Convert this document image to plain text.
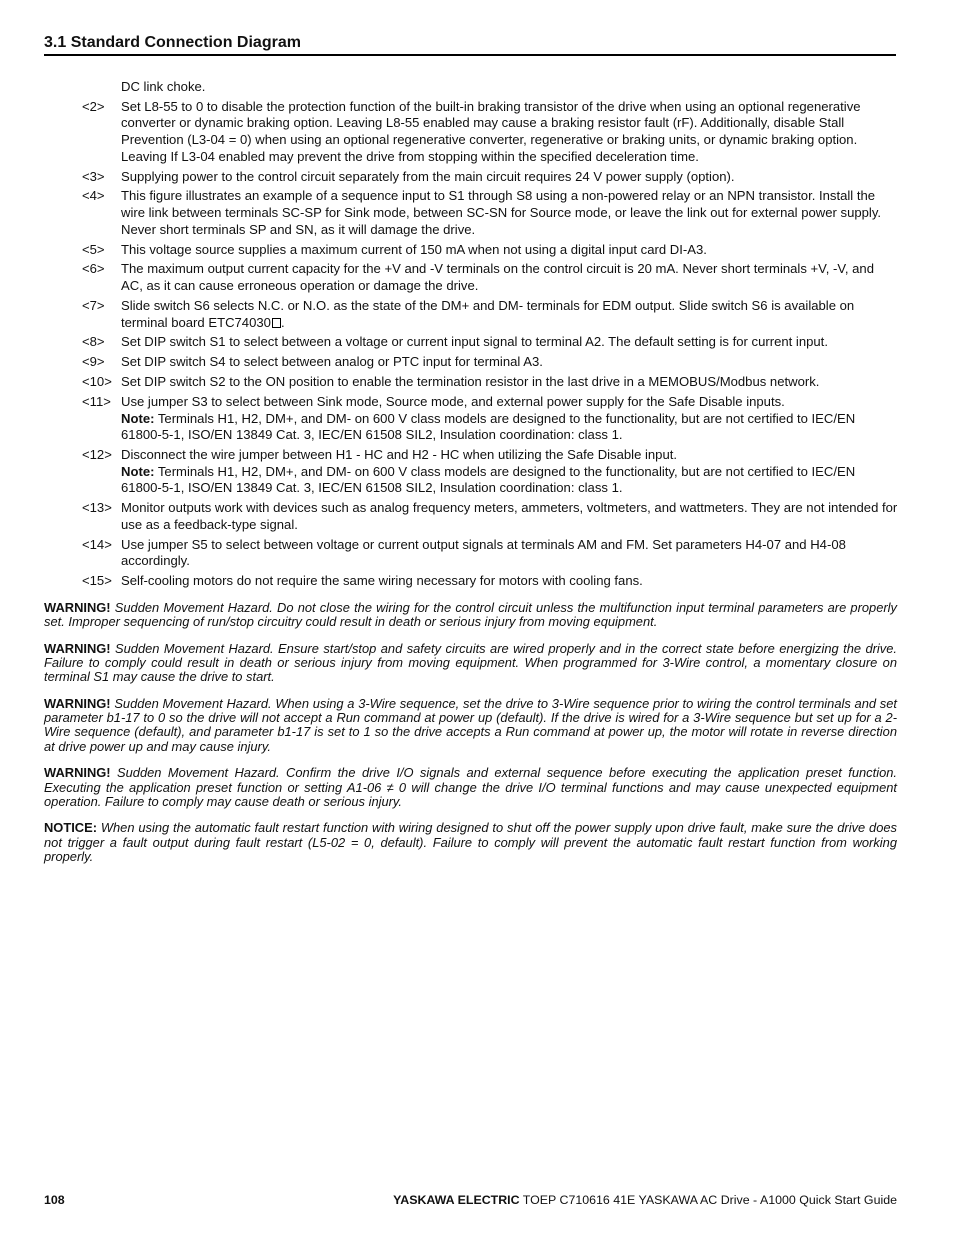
3.1 Standard Connection Diagram
DC link choke.
<2>	Set L8-55 to 0 to disable the protection function of the built-in braking transistor of the drive when using an optional regenerative converter or dynamic braking option. Leaving L8-55 enabled may cause a braking resistor fault (rF). Additionally, disable Stall Prevention (L3-04 = 0) when using an optional regenerative converter, regenerative or braking units, or dynamic braking option. Leaving If L3-04 enabled may prevent the drive from stopping within the specified deceleration time.
<3>	Supplying power to the control circuit separately from the main circuit requires 24 V power supply (option).
<4>	This figure illustrates an example of a sequence input to S1 through S8 using a non-powered relay or an NPN transistor. Install the wire link between terminals SC-SP for Sink mode, between SC-SN for Source mode, or leave the link out for external power supply. Never short terminals SP and SN, as it will damage the drive.
<5>	This voltage source supplies a maximum current of 150 mA when not using a digital input card DI-A3.
<6>	The maximum output current capacity for the +V and -V terminals on the control circuit is 20 mA. Never short terminals +V, -V, and AC, as it can cause erroneous operation or damage the drive.
<7>	Slide switch S6 selects N.C. or N.O. as the state of the DM+ and DM- terminals for EDM output. Slide switch S6 is available on terminal board ETC74030 .
<8>	Set DIP switch S1 to select between a voltage or current input signal to terminal A2. The default setting is for current input.
<9>	Set DIP switch S4 to select between analog or PTC input for terminal A3.
<10> Set DIP switch S2 to the ON position to enable the termination resistor in the last drive in a MEMOBUS/Modbus network.
<11> Use jumper S3 to select between Sink mode, Source mode, and external power supply for the Safe Disable inputs.
Note: Terminals H1, H2, DM+, and DM- on 600 V class models are designed to the functionality, but are not certified to IEC/EN 61800-5-1, ISO/EN 13849 Cat. 3, IEC/EN 61508 SIL2, Insulation coordination: class 1.
<12> Disconnect the wire jumper between H1 - HC and H2 - HC when utilizing the Safe Disable input.
Note: Terminals H1, H2, DM+, and DM- on 600 V class models are designed to the functionality, but are not certified to IEC/EN 61800-5-1, ISO/EN 13849 Cat. 3, IEC/EN 61508 SIL2, Insulation coordination: class 1.
<13> Monitor outputs work with devices such as analog frequency meters, ammeters, voltmeters, and wattmeters. They are not intended for use as a feedback-type signal.
<14> Use jumper S5 to select between voltage or current output signals at terminals AM and FM. Set parameters H4-07 and H4-08 accordingly.
<15> Self-cooling motors do not require the same wiring necessary for motors with cooling fans.
WARNING! Sudden Movement Hazard. Do not close the wiring for the control circuit unless the multifunction input terminal parameters are properly set. Improper sequencing of run/stop circuitry could result in death or serious injury from moving equipment.
WARNING! Sudden Movement Hazard. Ensure start/stop and safety circuits are wired properly and in the correct state before energizing the drive. Failure to comply could result in death or serious injury from moving equipment. When programmed for 3-Wire control, a momentary closure on terminal S1 may cause the drive to start.
WARNING! Sudden Movement Hazard. When using a 3-Wire sequence, set the drive to 3-Wire sequence prior to wiring the control terminals and set parameter b1-17 to 0 so the drive will not accept a Run command at power up (default). If the drive is wired for a 3-Wire sequence but set up for a 2-Wire sequence (default), and parameter b1-17 is set to 1 so the drive accepts a Run command at power up, the motor will rotate in reverse direction at drive power up and may cause injury.
WARNING! Sudden Movement Hazard. Confirm the drive I/O signals and external sequence before executing the application preset function. Executing the application preset function or setting A1-06 ≠ 0 will change the drive I/O terminal functions and may cause unexpected equipment operation. Failure to comply may cause death or serious injury.
NOTICE: When using the automatic fault restart function with wiring designed to shut off the power supply upon drive fault, make sure the drive does not trigger a fault output during fault restart (L5-02 = 0, default). Failure to comply will prevent the automatic fault restart function from working properly.
108	YASKAWA ELECTRIC TOEP C710616 41E YASKAWA AC Drive - A1000 Quick Start Guide
